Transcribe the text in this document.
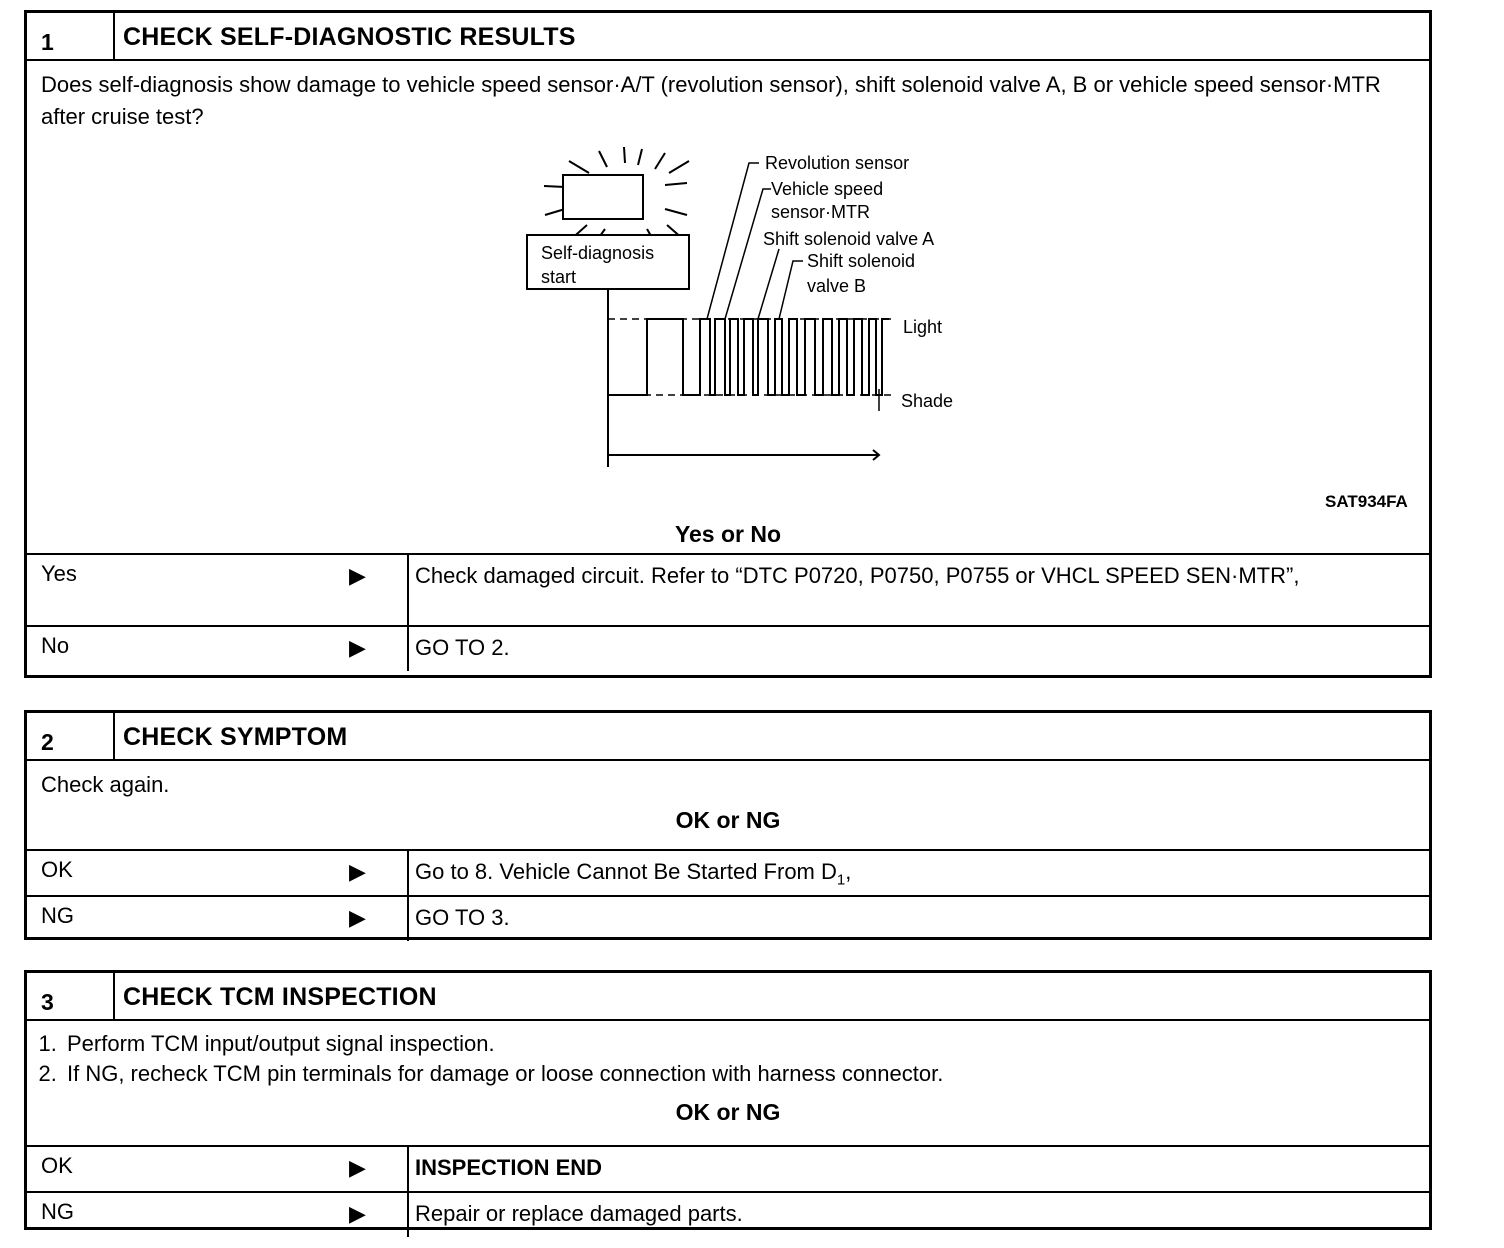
1	CHECK SELF-DIAGNOSTIC RESULTS
Does self-diagnosis show damage to vehicle speed sensor·A/T (revolution sensor), shift solenoid valve A, B or vehicle speed sensor·MTR after cruise test?
Self-diagnosis
start
Revolution sensor
Vehicle speed
sensor·MTR
Shift solenoid valve A
Shift solenoid
valve B
Light
Shade
SAT934FA
Yes or No
Yes	▶ Check damaged circuit. Refer to “DTC P0720, P0750, P0755 or VHCL SPEED SEN·MTR”,
No	▶ GO TO 2.
2	CHECK SYMPTOM
Check again.
OK or NG
OK	▶ Go to 8. Vehicle Cannot Be Started From $D_1$,
NG	▶ GO TO 3.
3	CHECK TCM INSPECTION
1. Perform TCM input/output signal inspection.
2. If NG, recheck TCM pin terminals for damage or loose connection with harness connector.
OK or NG
OK	▶ INSPECTION END
NG	▶ Repair or replace damaged parts.
